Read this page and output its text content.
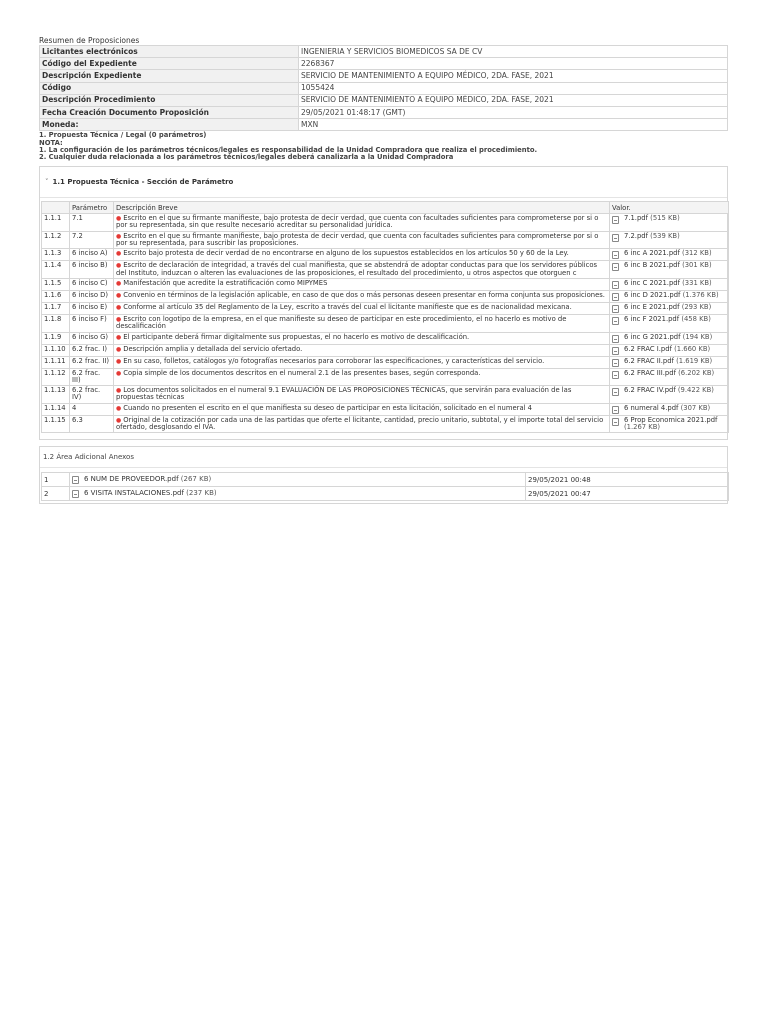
Resumen de Proposiciones
Licitantes electrónicos	INGENIERIA Y SERVICIOS BIOMEDICOS SA DE CV
Código del Expediente	2268367
Descripción Expediente	SERVICIO DE MANTENIMIENTO A EQUIPO MÉDICO, 2DA. FASE, 2021
Código	1055424
Descripción Procedimiento	SERVICIO DE MANTENIMIENTO A EQUIPO MÉDICO, 2DA. FASE, 2021
Fecha Creación Documento Proposición	29/05/2021 01:48:17 (GMT)
Moneda:	MXN
1. Propuesta Técnica / Legal (0 parámetros)
NOTA:
1. La configuración de los parámetros técnicos/legales es responsabilidad de la Unidad Compradora que realiza el procedimiento.
2. Cualquier duda relacionada a los parámetros técnicos/legales deberá canalizarla a la Unidad Compradora
˅ 1.1 Propuesta Técnica - Sección de Parámetro
	Parámetro	Descripción Breve	Valor.
1.1.1	7.1	● Escrito en el que su firmante manifieste, bajo protesta de decir verdad, que cuenta con facultades suficientes para comprometerse por si o por su representada, sin que resulte necesario acreditar su personalidad jurídica.	7.1.pdf (515 KB)

1.1.2	7.2	● Escrito en el que su firmante manifieste, bajo protesta de decir verdad, que cuenta con facultades suficientes para comprometerse por si o por su representada, para suscribir las proposiciones.	7.2.pdf (539 KB)

1.1.3	6 inciso A)	● Escrito bajo protesta de decir verdad de no encontrarse en alguno de los supuestos establecidos en los artículos 50 y 60 de la Ley.	6 inc A 2021.pdf (312 KB)

1.1.4	6 inciso B)	● Escrito de declaración de integridad, a través del cual manifiesta, que se abstendrá de adoptar conductas para que los servidores públicos del Instituto, induzcan o alteren las evaluaciones de las proposiciones, el resultado del procedimiento, u otros aspectos que otorguen c	6 inc B 2021.pdf (301 KB)

1.1.5	6 inciso C)	● Manifestación que acredite la estratificación como MIPYMES	6 inc C 2021.pdf (331 KB)

1.1.6	6 inciso D)	● Convenio en términos de la legislación aplicable, en caso de que dos o más personas deseen presentar en forma conjunta sus proposiciones.	6 inc D 2021.pdf (1.376 KB)

1.1.7	6 inciso E)	● Conforme al artículo 35 del Reglamento de la Ley, escrito a través del cual el licitante manifieste que es de nacionalidad mexicana.	6 inc E 2021.pdf (293 KB)

1.1.8	6 inciso F)	● Escrito con logotipo de la empresa, en el que manifieste su deseo de participar en este procedimiento, el no hacerlo es motivo de descalificación	6 inc F 2021.pdf (458 KB)

1.1.9	6 inciso G)	● El participante deberá firmar digitalmente sus propuestas, el no hacerlo es motivo de descalificación.	6 inc G 2021.pdf (194 KB)

1.1.10	6.2 frac. I)	● Descripción amplia y detallada del servicio ofertado.	6.2 FRAC I.pdf (1.660 KB)

1.1.11	6.2 frac. II)	● En su caso, folletos, catálogos y/o fotografías necesarios para corroborar las especificaciones, y características del servicio.	6.2 FRAC II.pdf (1.619 KB)

1.1.12	6.2 frac. III)	● Copia simple de los documentos descritos en el numeral 2.1 de las presentes bases, según corresponda.	6.2 FRAC III.pdf (6.202 KB)

1.1.13	6.2 frac. IV)	● Los documentos solicitados en el numeral 9.1 EVALUACIÓN DE LAS PROPOSICIONES TÉCNICAS, que servirán para evaluación de las propuestas técnicas	6.2 FRAC IV.pdf (9.422 KB)

1.1.14	4	● Cuando no presenten el escrito en el que manifiesta su deseo de participar en esta licitación, solicitado en el numeral 4	6 numeral 4.pdf (307 KB)

1.1.15	6.3	● Original de la cotización por cada una de las partidas que oferte el licitante, cantidad, precio unitario, subtotal, y el importe total del servicio ofertado, desglosando el IVA.	6 Prop Economica 2021.pdf (1.267 KB)
1.2 Área Adicional Anexos
1	6 NUM DE PROVEEDOR.pdf (267 KB)	29/05/2021 00:48
2	6 VISITA INSTALACIONES.pdf (237 KB)	29/05/2021 00:47
